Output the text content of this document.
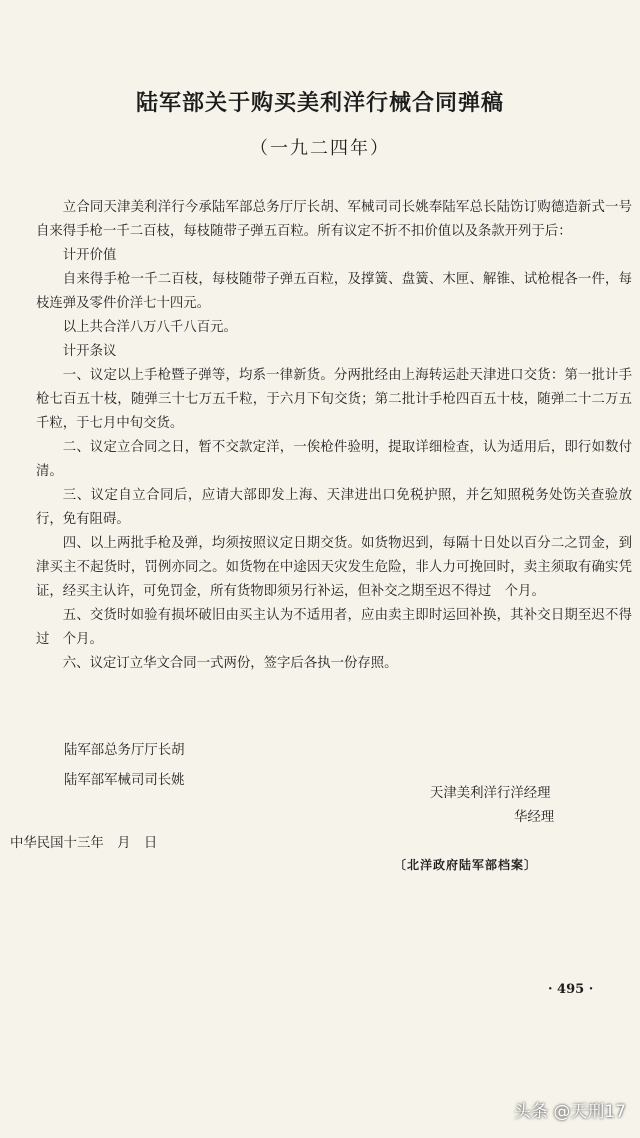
陆军部关于购买美利洋行械合同弹稿
（一九二四年）

立合同天津美利洋行今承陆军部总务厅厅长胡、军械司司长姚奉陆军总长陆饬订购德造新式一号自来得手枪一千二百枝，每枝随带子弹五百粒。所有议定不折不扣价值以及条款开列于后：

计开价值

自来得手枪一千二百枝，每枝随带子弹五百粒，及撑簧、盘簧、木匣、解锥、试枪棍各一件，每枝连弹及零件价洋七十四元。

以上共合洋八万八千八百元。

计开条议

一、议定以上手枪暨子弹等，均系一律新货。分两批经由上海转运赴天津进口交货：第一批计手枪七百五十枝，随弹三十七万五千粒，于六月下旬交货；第二批计手枪四百五十枝，随弹二十二万五千粒，于七月中旬交货。

二、议定立合同之日，暂不交款定洋，一俟枪件验明，提取详细检查，认为适用后，即行如数付清。

三、议定自立合同后，应请大部即发上海、天津进出口免税护照，并乞知照税务处饬关查验放行，免有阻碍。

四、以上两批手枪及弹，均须按照议定日期交货。如货物迟到，每隔十日处以百分二之罚金，到津买主不起货时，罚例亦同之。如货物在中途因天灾发生危险，非人力可挽回时，卖主须取有确实凭证，经买主认许，可免罚金，所有货物即须另行补运，但补交之期至迟不得过　个月。

五、交货时如验有损坏破旧由买主认为不适用者，应由卖主即时运回补换，其补交日期至迟不得过　个月。

六、议定订立华文合同一式两份，签字后各执一份存照。

陆军部总务厅厅长胡
陆军部军械司司长姚
天津美利洋行洋经理
华经理
中华民国十三年　月　日
〔北洋政府陆军部档案〕
· 495 ·
头条 @天刑17
